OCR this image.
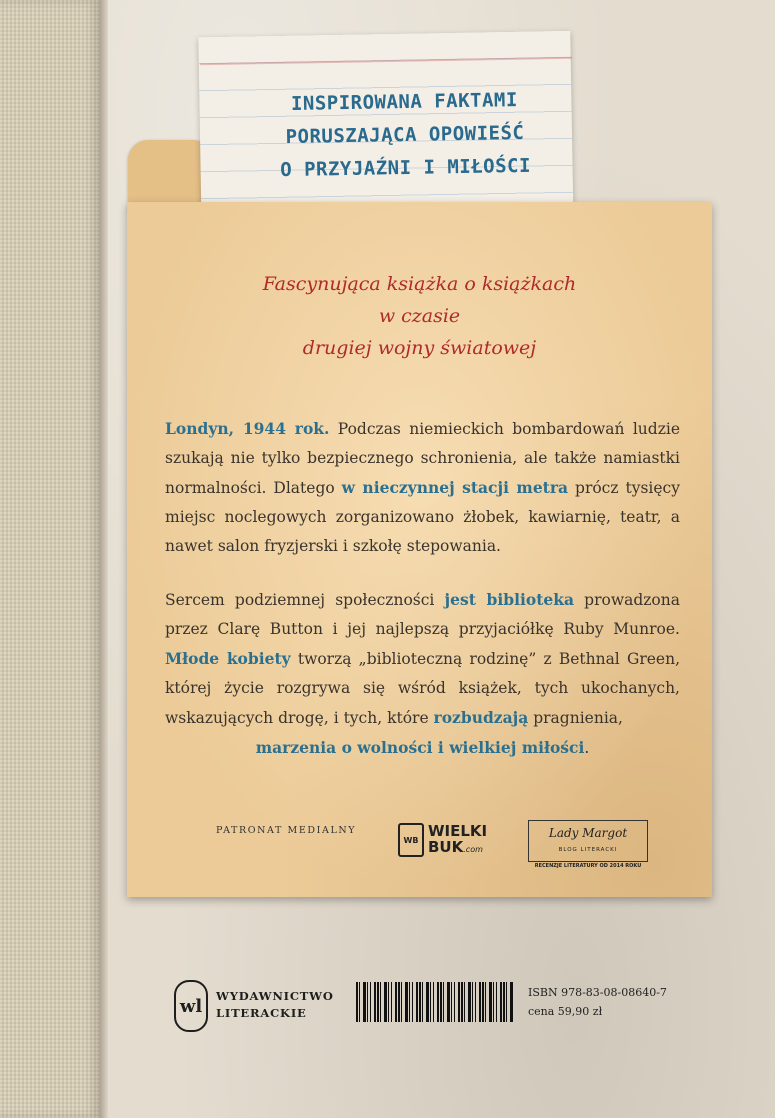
INSPIROWANA FAKTAMI
PORUSZAJĄCA OPOWIEŚĆ
O PRZYJAŹNI I MIŁOŚCI
Fascynująca książka o książkach
w czasie
drugiej wojny światowej
Londyn, 1944 rok. Podczas niemieckich bombardowań ludzie szukają nie tylko bezpiecznego schronienia, ale także namiastki normalności. Dlatego w nieczynnej stacji metra prócz tysięcy miejsc noclegowych zorganizowano żłobek, kawiarnię, teatr, a nawet salon fryzjerski i szkołę stepowania.
Sercem podziemnej społeczności jest biblioteka prowadzona przez Clarę Button i jej najlepszą przyjaciółkę Ruby Munroe. Młode kobiety tworzą „biblioteczną rodzinę” z Bethnal Green, której życie rozgrywa się wśród książek, tych ukochanych, wskazujących drogę, i tych, które rozbudzają pragnienia,
marzenia o wolności i wielkiej miłości.
PATRONAT MEDIALNY
WB
WIELKI
BUK.com
Lady Margot
BLOG LITERACKI
RECENZJE LITERATURY OD 2014 ROKU
wl	WYDAWNICTWO
LITERACKIE
ISBN 978-83-08-08640-7
cena 59,90 zł
